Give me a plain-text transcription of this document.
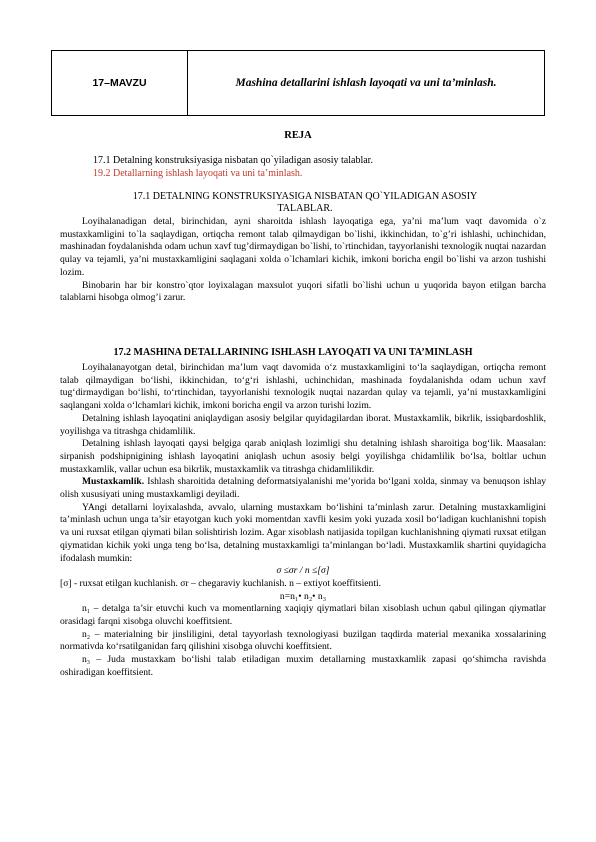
17–MAVZU	Mashina detallarini ishlash layoqati va uni ta’minlash.
REJA
17.1 Detalning konstruksiyasiga nisbatan qo`yiladigan asosiy talablar.
19.2 Detallarning ishlash layoqati va uni ta’minlash.
17.1 DETALNING KONSTRUKSIYASIGA NISBATAN QO`YILADIGAN ASOSIY
TALABLAR.

Loyihalanadigan detal, birinchidan, ayni sharoitda ishlash layoqatiga ega, ya’ni ma’lum vaqt davomida o`z mustaxkamligini to`la saqlaydigan, ortiqcha remont talab qilmaydigan bo`lishi, ikkinchidan, to`g’ri ishlashi, uchinchidan, mashinadan foydalanishda odam uchun xavf tug’dirmaydigan bo`lishi, to`rtinchidan, tayyorlanishi texnologik nuqtai nazardan qulay va tejamli, ya’ni mustaxkamligini saqlagani xolda o`lchamlari kichik, imkoni boricha engil bo`lishi va arzon tushishi lozim.

Binobarin har bir konstro`qtor loyixalagan maxsulot yuqori sifatli bo`lishi uchun u yuqorida bayon etilgan barcha talablarni hisobga olmog’i zarur.

17.2 MASHINA DETALLARINING ISHLASH LAYOQATI VA UNI TA’MINLASH

Loyihalanayotgan detal, birinchidan ma’lum vaqt davomida o‘z mustaxkamligini to‘la saqlaydigan, ortiqcha remont talab qilmaydigan bo‘lishi, ikkinchidan, to‘g‘ri ishlashi, uchinchidan, mashinada foydalanishda odam uchun xavf tug‘dirmaydigan bo‘lishi, to‘rtinchidan, tayyorlanishi texnologik nuqtai nazardan qulay va tejamli, ya’ni mustaxkamligini saqlangani xolda o‘lchamlari kichik, imkoni boricha engil va arzon turishi lozim.

Detalning ishlash layoqatini aniqlaydigan asosiy belgilar quyidagilardan iborat. Mustaxkamlik, bikrlik, issiqbardoshlik, yoyilishga va titrashga chidamlilik.

Detalning ishlash layoqati qaysi belgiga qarab aniqlash lozimligi shu detalning ishlash sharoitiga bog‘lik. Maasalan: sirpanish podshipnigining ishlash layoqatini aniqlash uchun asosiy belgi yoyilishga chidamlilik bo‘lsa, boltlar uchun mustaxkamlik, vallar uchun esa bikrlik, mustaxkamlik va titrashga chidamlilikdir.

Mustaxkamlik. Ishlash sharoitida detalning deformatsiyalanishi me’yorida bo‘lgani xolda, sinmay va benuqson ishlay olish xususiyati uning mustaxkamligi deyiladi.

YAngi detallarni loyixalashda, avvalo, ularning mustaxkam bo‘lishini ta’minlash zarur. Detalning mustaxkamligini ta’minlash uchun unga ta’sir etayotgan kuch yoki momentdan xavfli kesim yoki yuzada xosil bo‘ladigan kuchlanishni topish va uni ruxsat etilgan qiymati bilan solishtirish lozim. Agar xisoblash natijasida topilgan kuchlanishning qiymati ruxsat etilgan qiymatidan kichik yoki unga teng bo‘lsa, detalning mustaxkamligi ta’minlangan bo‘ladi. Mustaxkamlik shartini quyidagicha ifodalash mumkin:

σ ≤σr / n ≤[σ]

[σ] - ruxsat etilgan kuchlanish. σr – chegaraviy kuchlanish. n – extiyot koeffitsienti.

n=n₁• n₂• n₃

n₁ – detalga ta’sir etuvchi kuch va momentlarning xaqiqiy qiymatlari bilan xisoblash uchun qabul qilingan qiymatlar orasidagi farqni xisobga oluvchi koeffitsient.

n₂ – materialning bir jinsliligini, detal tayyorlash texnologiyasi buzilgan taqdirda material mexanika xossalarining normativda ko‘rsatilganidan farq qilishini xisobga oluvchi koeffitsient.

n₃ – Juda mustaxkam bo‘lishi talab etiladigan muxim detallarning mustaxkamlik zapasi qo‘shimcha ravishda oshiradigan koeffitsient.
